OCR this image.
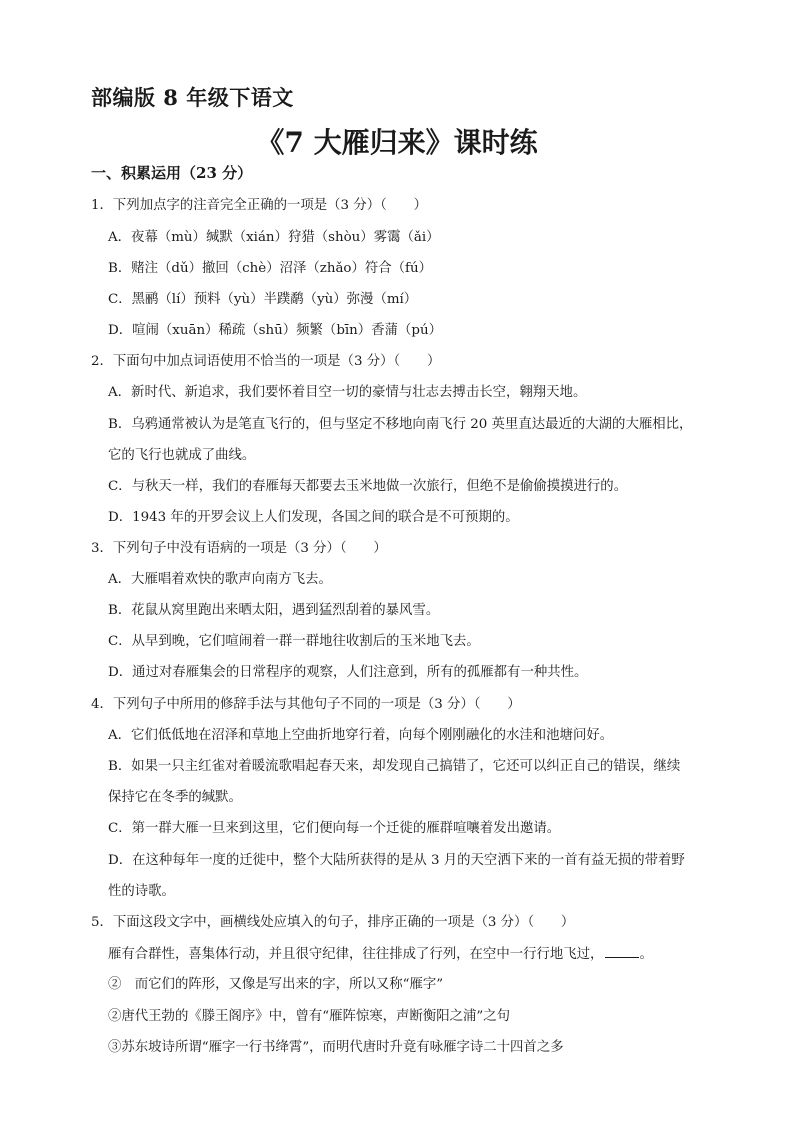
部编版 8 年级下语文
《7 大雁归来》课时练
一、积累运用（23 分）
1．下列加点字的注音完全正确的一项是（3 分）（　　）
A．夜幕（mù）缄默（xián）狩猎（shòu）雾霭（ǎi）
B．赌注（dǔ）撤回（chè）沼泽（zhǎo）符合（fú）
C．黑鹂（lí）预料（yù）半蹼鹬（yù）弥漫（mí）
D．喧闹（xuān）稀疏（shū）频繁（bīn）香蒲（pú）
2．下面句中加点词语使用不恰当的一项是（3 分）（　　）
A．新时代、新追求，我们要怀着目空一切的豪情与壮志去搏击长空，翱翔天地。
B．乌鸦通常被认为是笔直飞行的，但与坚定不移地向南飞行 20 英里直达最近的大湖的大雁相比，
它的飞行也就成了曲线。
C．与秋天一样，我们的春雁每天都要去玉米地做一次旅行，但绝不是偷偷摸摸进行的。
D．1943 年的开罗会议上人们发现，各国之间的联合是不可预期的。
3．下列句子中没有语病的一项是（3 分）（　　）
A．大雁唱着欢快的歌声向南方飞去。
B．花鼠从窝里跑出来晒太阳，遇到猛烈刮着的暴风雪。
C．从早到晚，它们喧闹着一群一群地往收割后的玉米地飞去。
D．通过对春雁集会的日常程序的观察，人们注意到，所有的孤雁都有一种共性。
4．下列句子中所用的修辞手法与其他句子不同的一项是（3 分）（　　）
A．它们低低地在沼泽和草地上空曲折地穿行着，向每个刚刚融化的水洼和池塘问好。
B．如果一只主红雀对着暖流歌唱起春天来，却发现自己搞错了，它还可以纠正自己的错误，继续
保持它在冬季的缄默。
C．第一群大雁一旦来到这里，它们便向每一个迁徙的雁群喧嚷着发出邀请。
D．在这种每年一度的迁徙中，整个大陆所获得的是从 3 月的天空洒下来的一首有益无损的带着野
性的诗歌。
5．下面这段文字中，画横线处应填入的句子，排序正确的一项是（3 分）（　　）
雁有合群性，喜集体行动，并且很守纪律，往往排成了行列，在空中一行行地飞过，	。
②　而它们的阵形，又像是写出来的字，所以又称“雁字”
②唐代王勃的《滕王阁序》中，曾有“雁阵惊寒，声断衡阳之浦”之句
③苏东坡诗所谓“雁字一行书绛霄”，而明代唐时升竟有咏雁字诗二十四首之多
